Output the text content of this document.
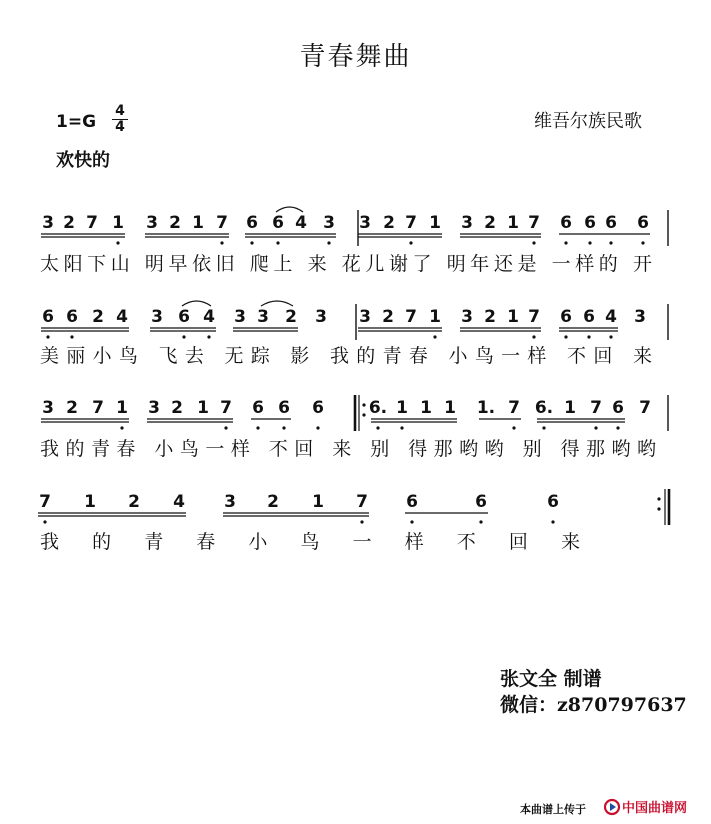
青春舞曲
1=G
4
4	维吾尔族民歌
欢快的
3 2 7 1 3 2 1 7 6 6 4 3 3 2 7 1 3 2 1 7 6 6 6 6
6 6 2 4 3 6 4 3 3 2 3 3 2 7 1 3 2 1 7 6 6 4 3
3 2 7 1 3 2 1 7 6 6 6	6. 1 1 1 1. 7 6. 1 7 6 7
7 1 2 4 3 2 1 7 6	6	6
太阳下山 明早依旧 爬上 来 花儿谢了 明年还是 一样的 开
美丽小鸟 飞去 无踪 影 我的青春 小鸟一样 不回 来
我的青春 小鸟一样 不回 来 别 得那哟哟 别 得那哟哟
我 的 青 春 小 鸟 一 样 不 回 来
张文全 制谱
微信：z870797637
本曲谱上传于	中国曲谱网
